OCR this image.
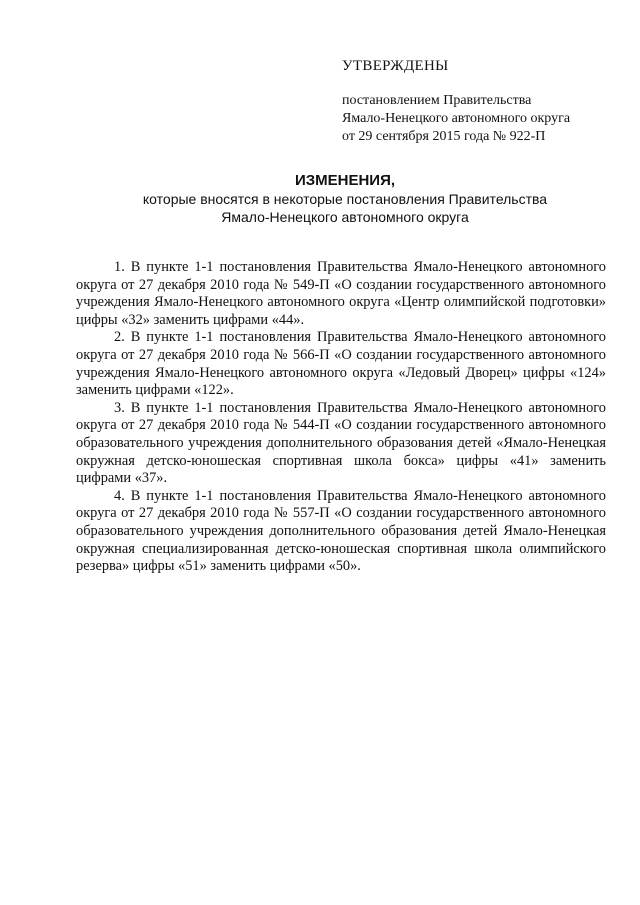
УТВЕРЖДЕНЫ

постановлением Правительства

Ямало-Ненецкого автономного округа

от 29 сентября 2015 года № 922-П

ИЗМЕНЕНИЯ,

которые вносятся в некоторые постановления Правительства

Ямало-Ненецкого автономного округа

1. В пункте 1-1 постановления Правительства Ямало-Ненецкого автономного округа от 27 декабря 2010 года № 549-П «О создании государственного автономного учреждения Ямало-Ненецкого автономного округа «Центр олимпийской подготовки» цифры «32» заменить цифрами «44».

2. В пункте 1-1 постановления Правительства Ямало-Ненецкого автономного округа от 27 декабря 2010 года № 566-П «О создании государственного автономного учреждения Ямало-Ненецкого автономного округа «Ледовый Дворец» цифры «124» заменить цифрами «122».

3. В пункте 1-1 постановления Правительства Ямало-Ненецкого автономного округа от 27 декабря 2010 года № 544-П «О создании государственного автономного образовательного учреждения дополнительного образования детей «Ямало-Ненецкая окружная детско-юношеская спортивная школа бокса» цифры «41» заменить цифрами «37».

4. В пункте 1-1 постановления Правительства Ямало-Ненецкого автономного округа от 27 декабря 2010 года № 557-П «О создании государственного автономного образовательного учреждения дополнительного образования детей Ямало-Ненецкая окружная специализированная детско-юношеская спортивная школа олимпийского резерва» цифры «51» заменить цифрами «50».
